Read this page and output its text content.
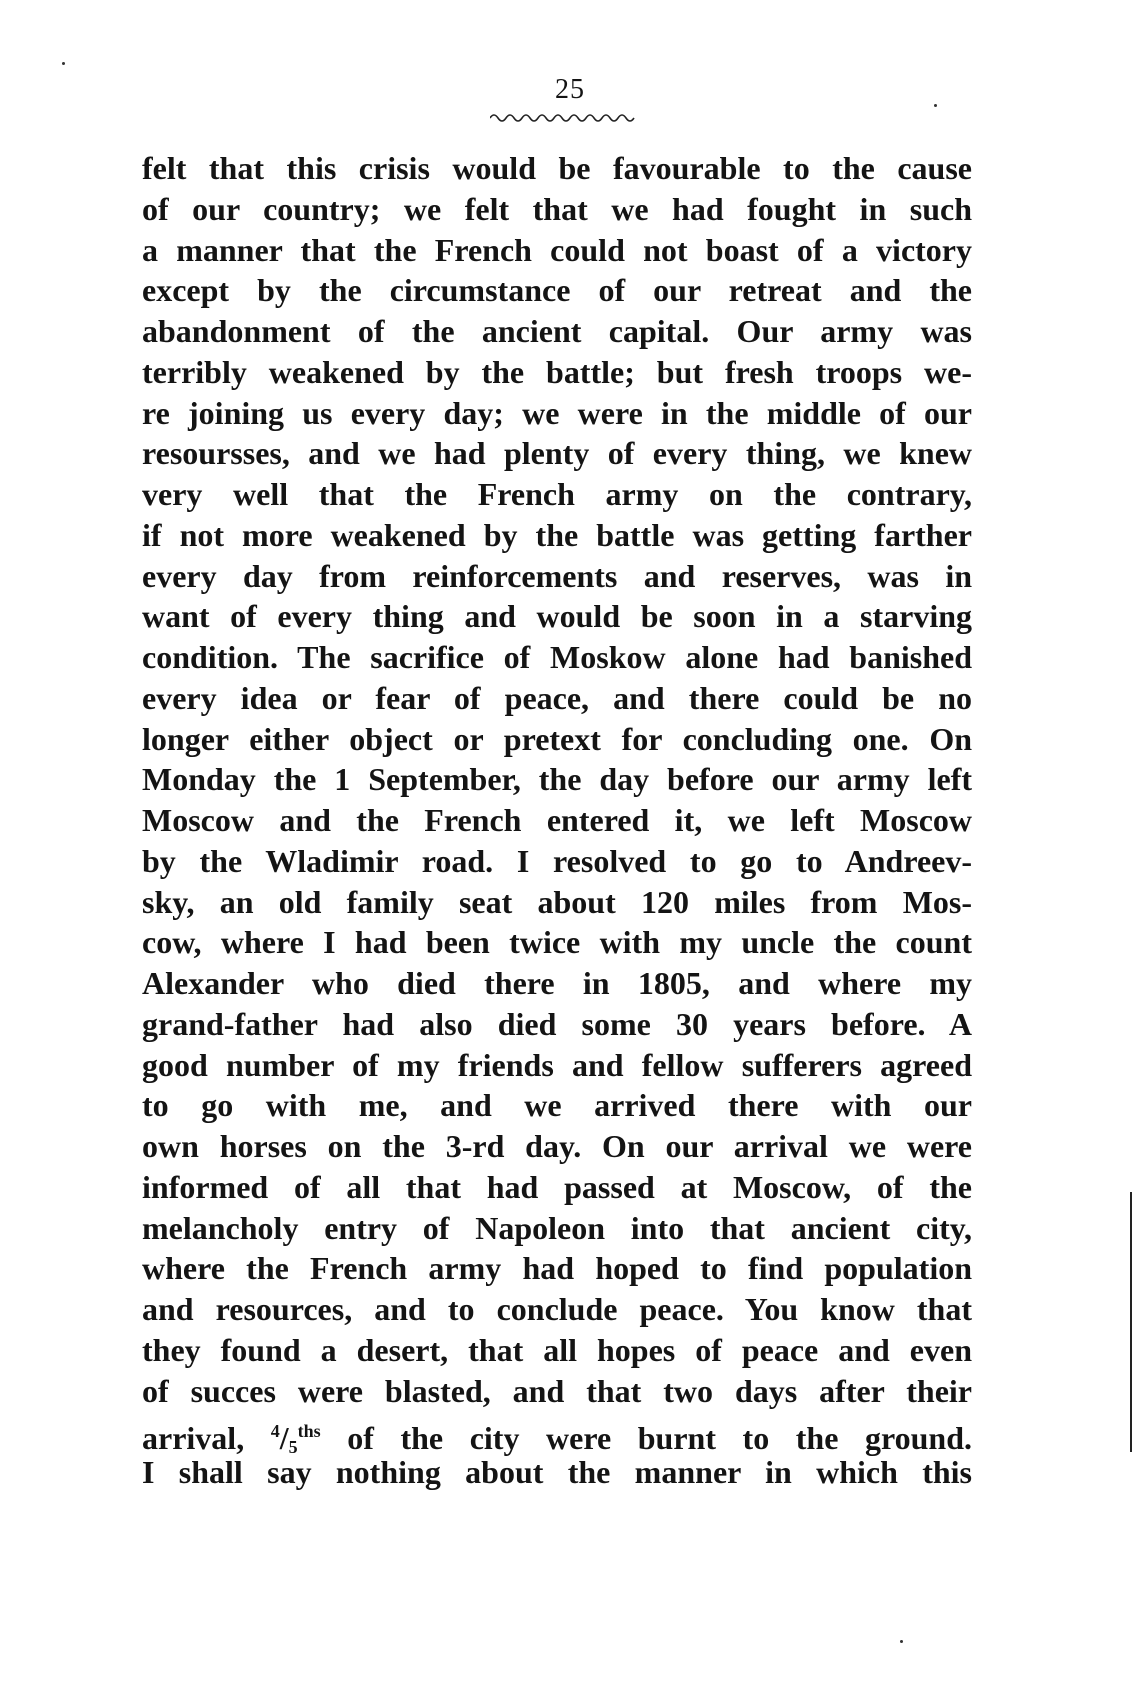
25
felt that this crisis would be favourable to the cause
of our country; we felt that we had fought in such
a manner that the French could not boast of a victory
except by the circumstance of our retreat and the
abandonment of the ancient capital. Our army was
terribly weakened by the battle; but fresh troops we-
re joining us every day; we were in the middle of our
resoursses, and we had plenty of every thing, we knew
very well that the French army on the contrary,
if not more weakened by the battle was getting farther
every day from reinforcements and reserves, was in
want of every thing and would be soon in a starving
condition. The sacrifice of Moskow alone had banished
every idea or fear of peace, and there could be no
longer either object or pretext for concluding one. On
Monday the 1 September, the day before our army left
Moscow and the French entered it, we left Moscow
by the Wladimir road. I resolved to go to Andreev-
sky, an old family seat about 120 miles from Mos-
cow, where I had been twice with my uncle the count
Alexander who died there in 1805, and where my
grand-father had also died some 30 years before. A
good number of my friends and fellow sufferers agreed
to go with me, and we arrived there with our
own horses on the 3-rd day. On our arrival we were
informed of all that had passed at Moscow, of the
melancholy entry of Napoleon into that ancient city,
where the French army had hoped to find population
and resources, and to conclude peace. You know that
they found a desert, that all hopes of peace and even
of succes were blasted, and that two days after their
arrival, $^4/5^{ths}$ of the city were burnt to the ground.
I shall say nothing about the manner in which this
